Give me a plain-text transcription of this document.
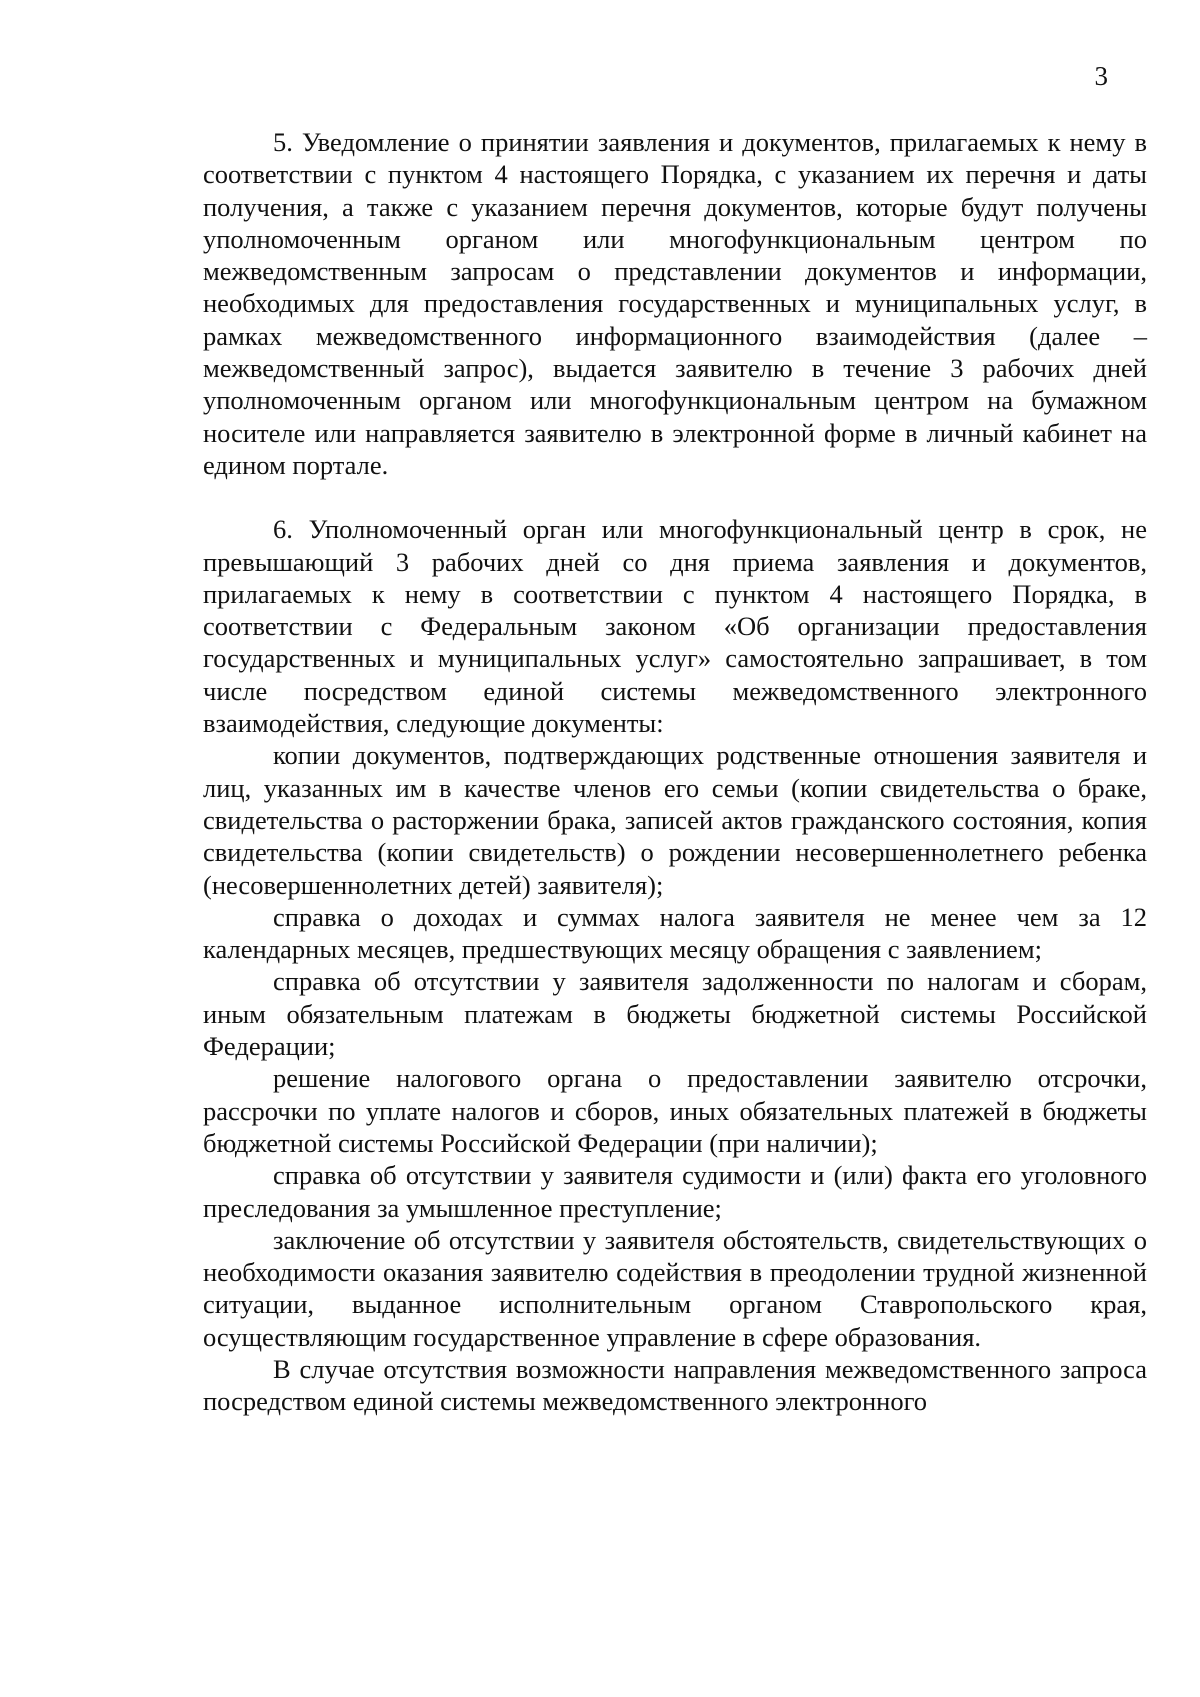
3

5. Уведомление о принятии заявления и документов, прилагаемых к нему в соответствии с пунктом 4 настоящего Порядка, с указанием их перечня и даты получения, а также с указанием перечня документов, которые будут получены уполномоченным органом или многофункциональным центром по межведомственным запросам о представлении документов и информации, необходимых для предоставления государственных и муниципальных услуг, в рамках межведомственного информационного взаимодействия (далее – межведомственный запрос), выдается заявителю в течение 3 рабочих дней уполномоченным органом или многофункциональным центром на бумажном носителе или направляется заявителю в электронной форме в личный кабинет на едином портале.

6. Уполномоченный орган или многофункциональный центр в срок, не превышающий 3 рабочих дней со дня приема заявления и документов, прилагаемых к нему в соответствии с пунктом 4 настоящего Порядка, в соответствии с Федеральным законом «Об организации предоставления государственных и муниципальных услуг» самостоятельно запрашивает, в том числе посредством единой системы межведомственного электронного взаимодействия, следующие документы:

копии документов, подтверждающих родственные отношения заявителя и лиц, указанных им в качестве членов его семьи (копии свидетельства о браке, свидетельства о расторжении брака, записей актов гражданского состояния, копия свидетельства (копии свидетельств) о рождении несовершеннолетнего ребенка (несовершеннолетних детей) заявителя);

справка о доходах и суммах налога заявителя не менее чем за 12 календарных месяцев, предшествующих месяцу обращения с заявлением;

справка об отсутствии у заявителя задолженности по налогам и сборам, иным обязательным платежам в бюджеты бюджетной системы Российской Федерации;

решение налогового органа о предоставлении заявителю отсрочки, рассрочки по уплате налогов и сборов, иных обязательных платежей в бюджеты бюджетной системы Российской Федерации (при наличии);

справка об отсутствии у заявителя судимости и (или) факта его уголовного преследования за умышленное преступление;

заключение об отсутствии у заявителя обстоятельств, свидетельствующих о необходимости оказания заявителю содействия в преодолении трудной жизненной ситуации, выданное исполнительным органом Ставропольского края, осуществляющим государственное управление в сфере образования.

В случае отсутствия возможности направления межведомственного запроса посредством единой системы межведомственного электронного
